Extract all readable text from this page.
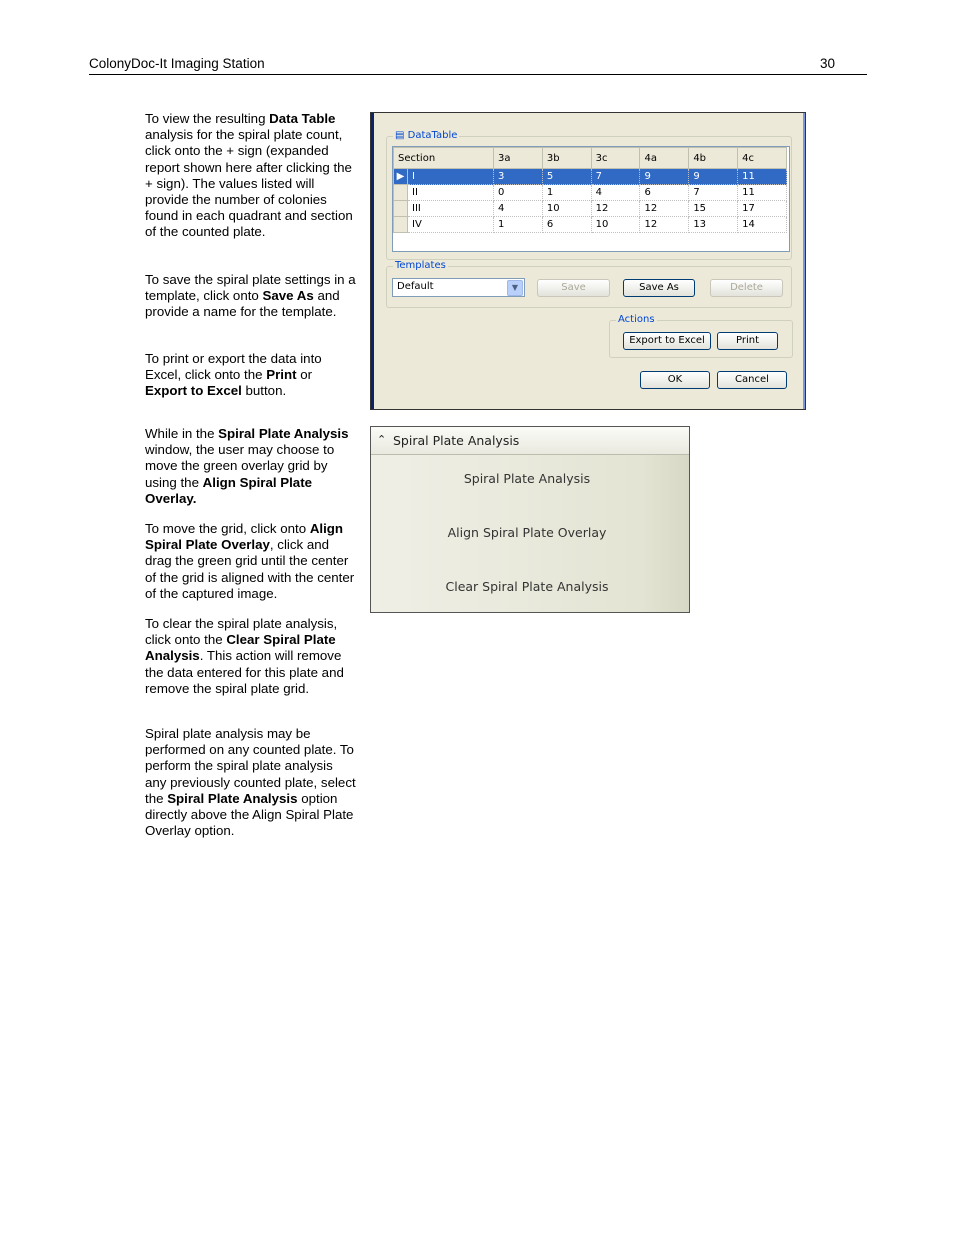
ColonyDoc-It Imaging Station	30

To view the resulting Data Table analysis for the spiral plate count, click onto the + sign (expanded report shown here after clicking the + sign). The values listed will provide the number of colonies found in each quadrant and section of the counted plate.

To save the spiral plate settings in a template, click onto Save As and provide a name for the template.

To print or export the data into Excel, click onto the Print or Export to Excel button.

While in the Spiral Plate Analysis window, the user may choose to move the green overlay grid by using the Align Spiral Plate Overlay.

To move the grid, click onto Align Spiral Plate Overlay, click and drag the green grid until the center of the grid is aligned with the center of the captured image.

To clear the spiral plate analysis, click onto the Clear Spiral Plate Analysis. This action will remove the data entered for this plate and remove the spiral plate grid.

Spiral plate analysis may be performed on any counted plate. To perform the spiral plate analysis any previously counted plate, select the Spiral Plate Analysis option directly above the Align Spiral Plate Overlay option.

▤ DataTable
Section		3a	3b	3c	4a	4b	4c
▶	I	3	5	7	9	9	11
	II	0	1	4	6	7	11
	III	4	10	12	12	15	17
	IV	1	6	10	12	13	14
Templates
Default	▼	Save	Save As	Delete
Actions
Export to Excel	Print
OK	Cancel
⌃ Spiral Plate Analysis
Spiral Plate Analysis
Align Spiral Plate Overlay
Clear Spiral Plate Analysis
